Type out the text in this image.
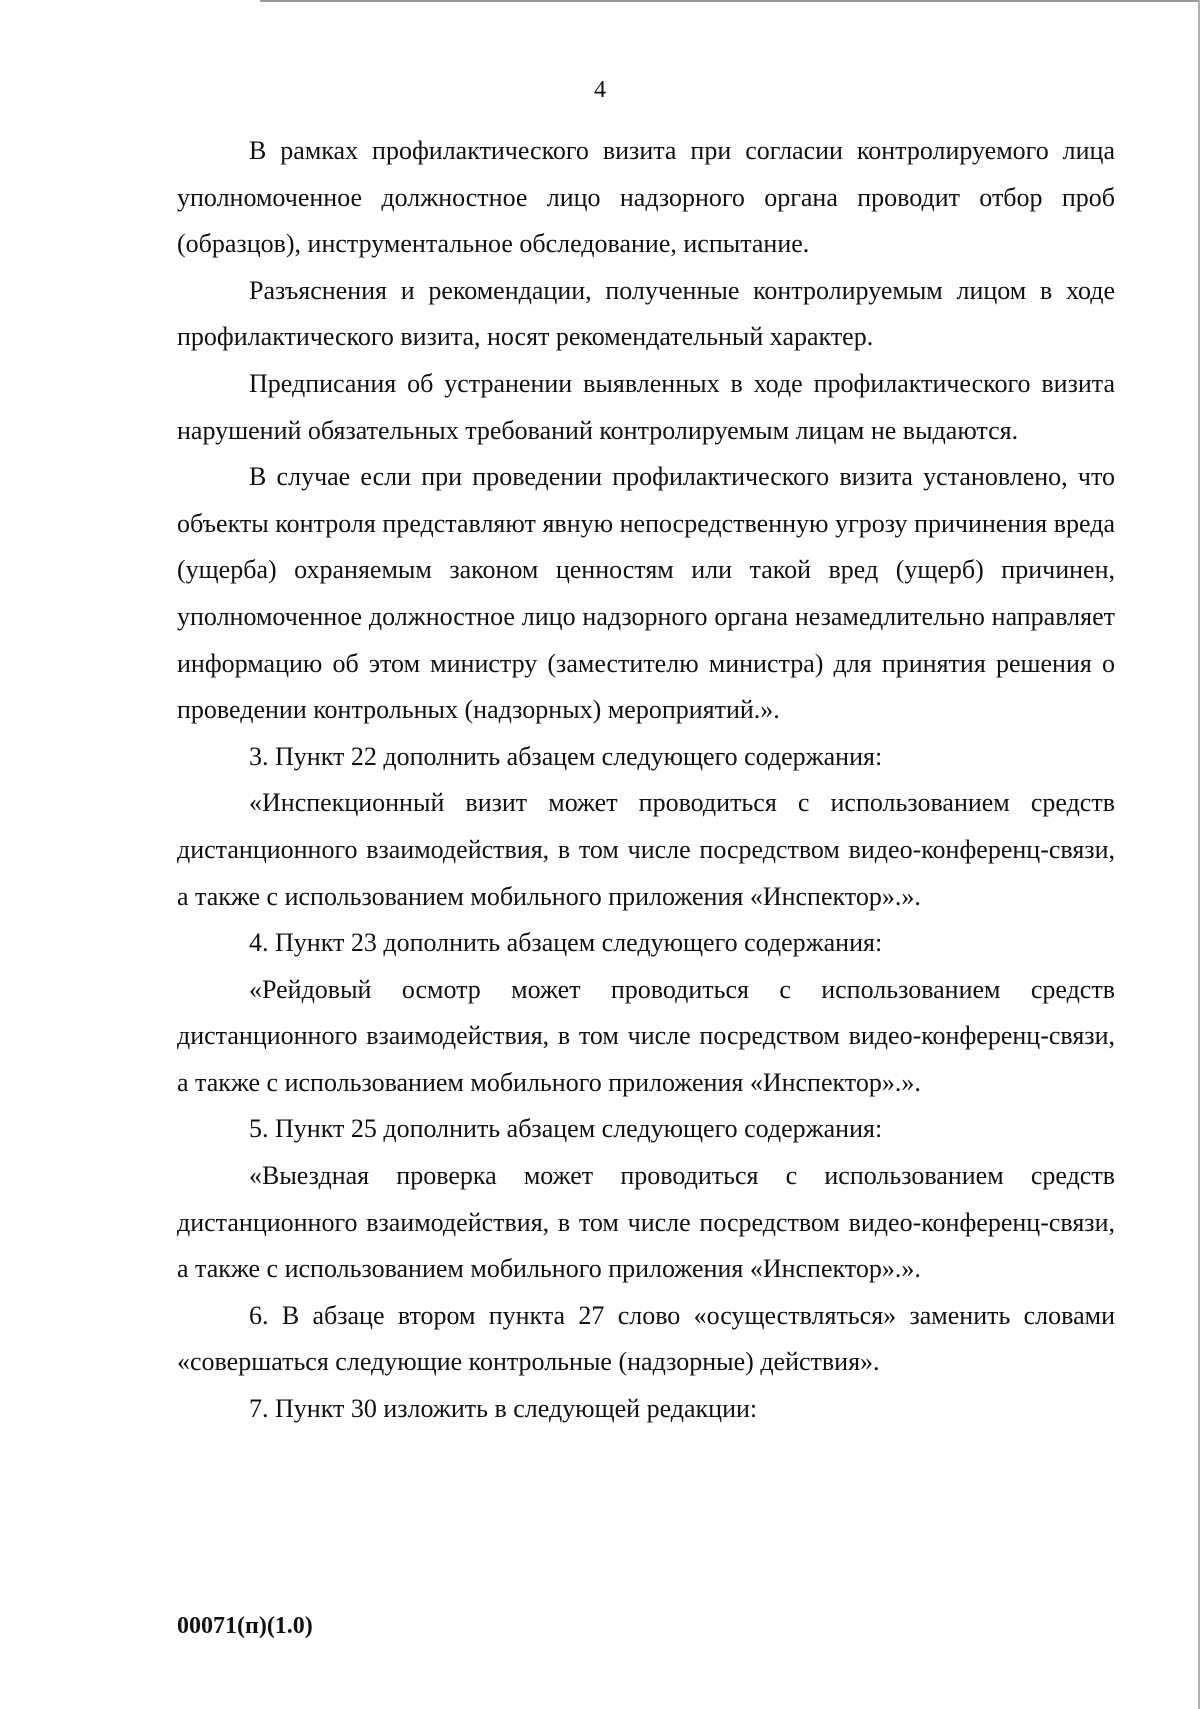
4

В рамках профилактического визита при согласии контролируемого лица уполномоченное должностное лицо надзорного органа проводит отбор проб (образцов), инструментальное обследование, испытание.

Разъяснения и рекомендации, полученные контролируемым лицом в ходе профилактического визита, носят рекомендательный характер.

Предписания об устранении выявленных в ходе профилактического визита нарушений обязательных требований контролируемым лицам не выдаются.

В случае если при проведении профилактического визита установлено, что объекты контроля представляют явную непосредственную угрозу причинения вреда (ущерба) охраняемым законом ценностям или такой вред (ущерб) причинен, уполномоченное должностное лицо надзорного органа незамедлительно направляет информацию об этом министру (заместителю министра) для принятия решения о проведении контрольных (надзорных) мероприятий.».

3. Пункт 22 дополнить абзацем следующего содержания:

«Инспекционный визит может проводиться с использованием средств дистанционного взаимодействия, в том числе посредством видео-конференц-связи, а также с использованием мобильного приложения «Инспектор».».

4. Пункт 23 дополнить абзацем следующего содержания:

«Рейдовый осмотр может проводиться с использованием средств дистанционного взаимодействия, в том числе посредством видео-конференц-связи, а также с использованием мобильного приложения «Инспектор».».

5. Пункт 25 дополнить абзацем следующего содержания:

«Выездная проверка может проводиться с использованием средств дистанционного взаимодействия, в том числе посредством видео-конференц-связи, а также с использованием мобильного приложения «Инспектор».».

6. В абзаце втором пункта 27 слово «осуществляться» заменить словами «совершаться следующие контрольные (надзорные) действия».

7. Пункт 30 изложить в следующей редакции:

00071(п)(1.0)
